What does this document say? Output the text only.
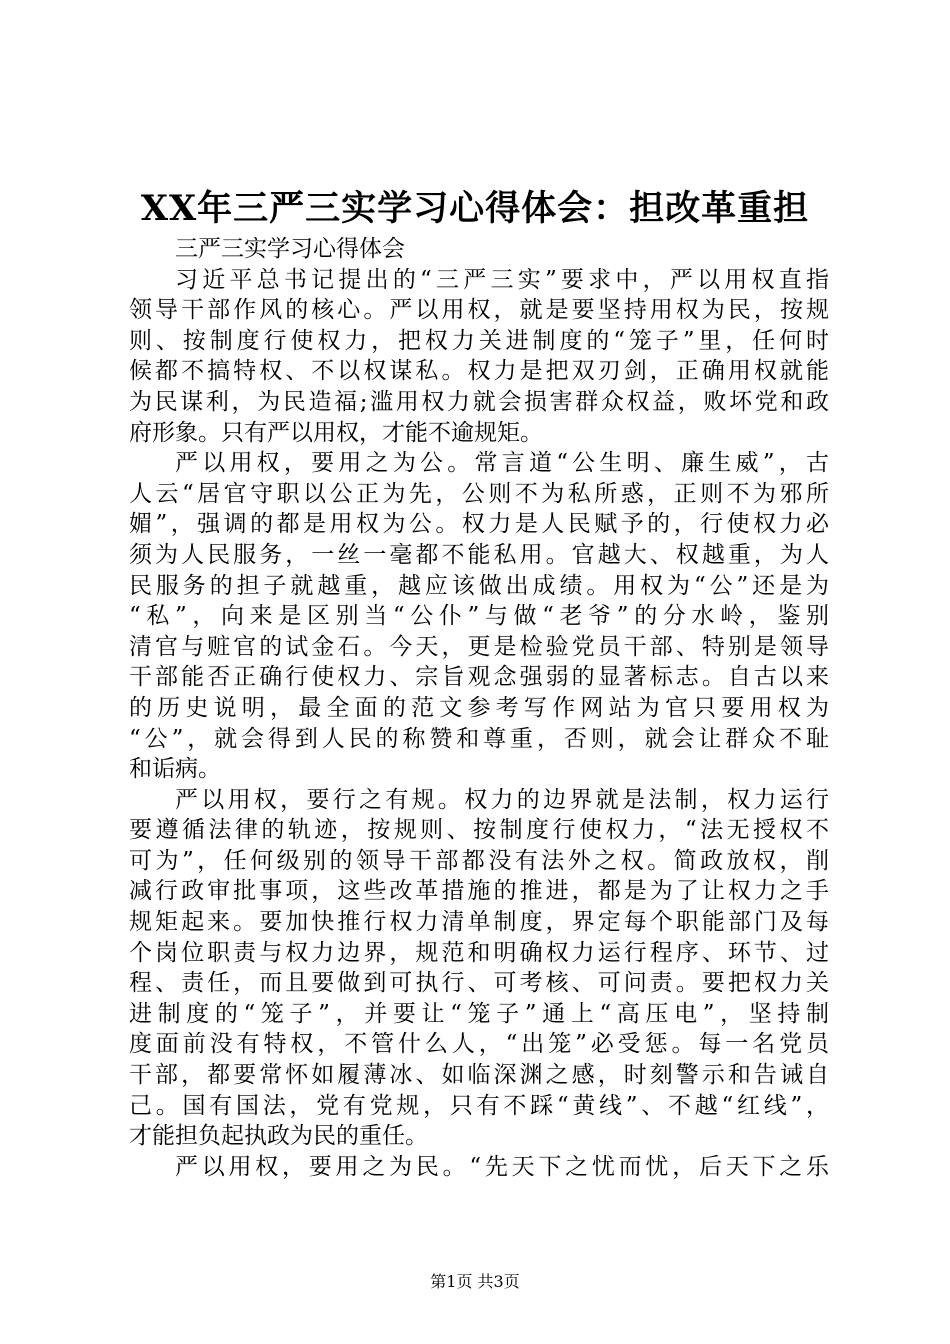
XX年三严三实学习心得体会：担改革重担
三严三实学习心得体会
习近平总书记提出的“三严三实”要求中，严以用权直指
领导干部作风的核心。严以用权，就是要坚持用权为民，按规
则、按制度行使权力，把权力关进制度的“笼子”里，任何时
候都不搞特权、不以权谋私。权力是把双刃剑，正确用权就能
为民谋利，为民造福;滥用权力就会损害群众权益，败坏党和政
府形象。只有严以用权，才能不逾规矩。
严以用权，要用之为公。常言道“公生明、廉生威”，古
人云“居官守职以公正为先，公则不为私所惑，正则不为邪所
媚”，强调的都是用权为公。权力是人民赋予的，行使权力必
须为人民服务，一丝一毫都不能私用。官越大、权越重，为人
民服务的担子就越重，越应该做出成绩。用权为“公”还是为
“私”，向来是区别当“公仆”与做“老爷”的分水岭，鉴别
清官与赃官的试金石。今天，更是检验党员干部、特别是领导
干部能否正确行使权力、宗旨观念强弱的显著标志。自古以来
的历史说明，最全面的范文参考写作网站为官只要用权为
“公”，就会得到人民的称赞和尊重，否则，就会让群众不耻
和诟病。
严以用权，要行之有规。权力的边界就是法制，权力运行
要遵循法律的轨迹，按规则、按制度行使权力，“法无授权不
可为”，任何级别的领导干部都没有法外之权。简政放权，削
减行政审批事项，这些改革措施的推进，都是为了让权力之手
规矩起来。要加快推行权力清单制度，界定每个职能部门及每
个岗位职责与权力边界，规范和明确权力运行程序、环节、过
程、责任，而且要做到可执行、可考核、可问责。要把权力关
进制度的“笼子”，并要让“笼子”通上“高压电”，坚持制
度面前没有特权，不管什么人，“出笼”必受惩。每一名党员
干部，都要常怀如履薄冰、如临深渊之感，时刻警示和告诫自
己。国有国法，党有党规，只有不踩“黄线”、不越“红线”，
才能担负起执政为民的重任。
严以用权，要用之为民。“先天下之忧而忧，后天下之乐
第1页 共3页
